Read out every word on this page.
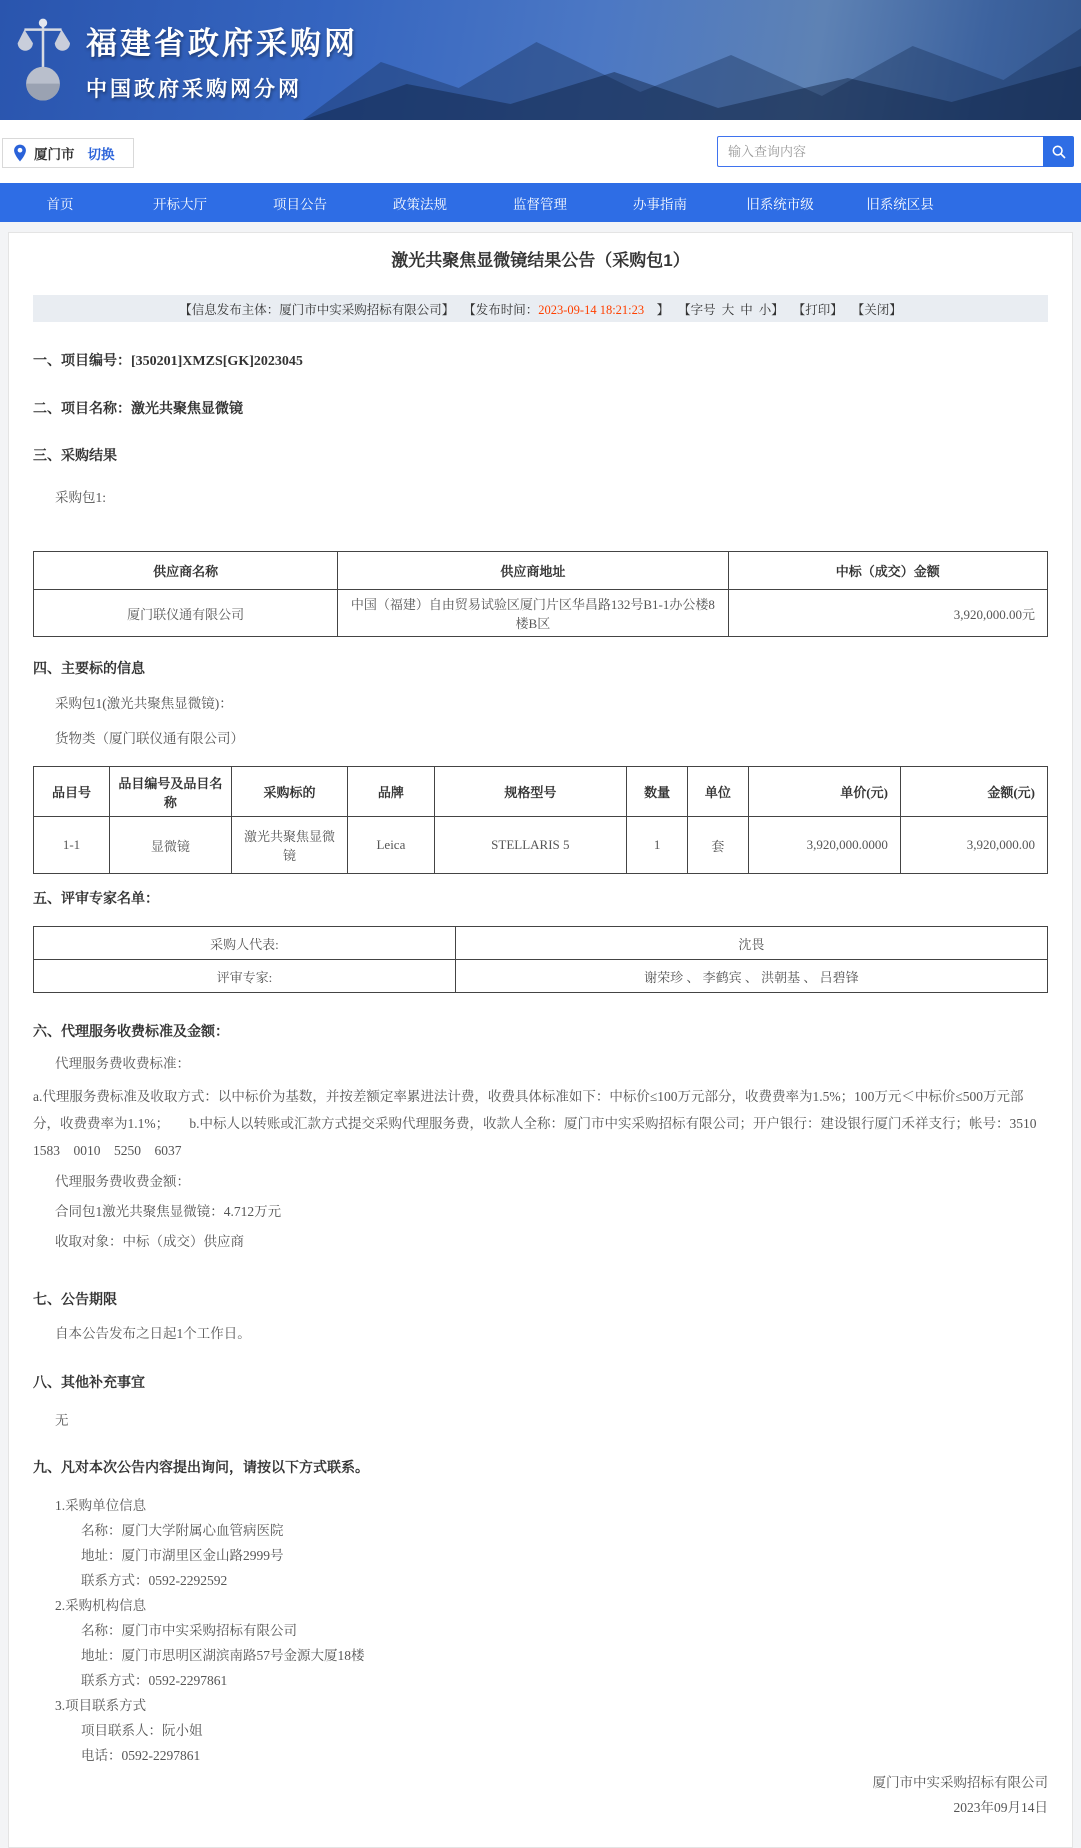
福建省政府采购网
中国政府采购网分网
厦门市 切换
输入查询内容
首页	开标大厅	项目公告	政策法规	监督管理	办事指南	旧系统市级	旧系统区县
激光共聚焦显微镜结果公告（采购包1）
【信息发布主体：厦门市中实采购招标有限公司】 【发布时间：2023-09-14 18:21:23　】 【字号 大 中 小】 【打印】 【关闭】
一、项目编号：[350201]XMZS[GK]2023045
二、项目名称：激光共聚焦显微镜
三、采购结果
采购包1:
供应商名称	供应商地址	中标（成交）金额
厦门联仪通有限公司	中国（福建）自由贸易试验区厦门片区华昌路132号B1-1办公楼8楼B区	3,920,000.00元
四、主要标的信息
采购包1(激光共聚焦显微镜)：
货物类（厦门联仪通有限公司）
品目号	品目编号及品目名称	采购标的	品牌	规格型号	数量	单位	单价(元)	金额(元)
1-1	显微镜	激光共聚焦显微镜	Leica	STELLARIS 5	1	套	3,920,000.0000	3,920,000.00
五、评审专家名单：
采购人代表:	沈畏
评审专家:	谢荣珍 、 李鹤宾 、 洪朝基 、 吕碧锋
六、代理服务收费标准及金额：
代理服务费收费标准：
a.代理服务费标准及收取方式：以中标价为基数，并按差额定率累进法计费，收费具体标准如下：中标价≤100万元部分，收费费率为1.5%；100万元＜中标价≤500万元部分，收费费率为1.1%；　　b.中标人以转账或汇款方式提交采购代理服务费，收款人全称：厦门市中实采购招标有限公司；开户银行：建设银行厦门禾祥支行；帐号：3510　1583　0010　5250　6037
代理服务费收费金额：
合同包1激光共聚焦显微镜：4.712万元
收取对象：中标（成交）供应商
七、公告期限
自本公告发布之日起1个工作日。
八、其他补充事宜
无
九、凡对本次公告内容提出询问，请按以下方式联系。
1.采购单位信息
名称：厦门大学附属心血管病医院
地址：厦门市湖里区金山路2999号
联系方式：0592-2292592
2.采购机构信息
名称：厦门市中实采购招标有限公司
地址：厦门市思明区湖滨南路57号金源大厦18楼
联系方式：0592-2297861
3.项目联系方式
项目联系人：阮小姐
电话：0592-2297861
厦门市中实采购招标有限公司
2023年09月14日
